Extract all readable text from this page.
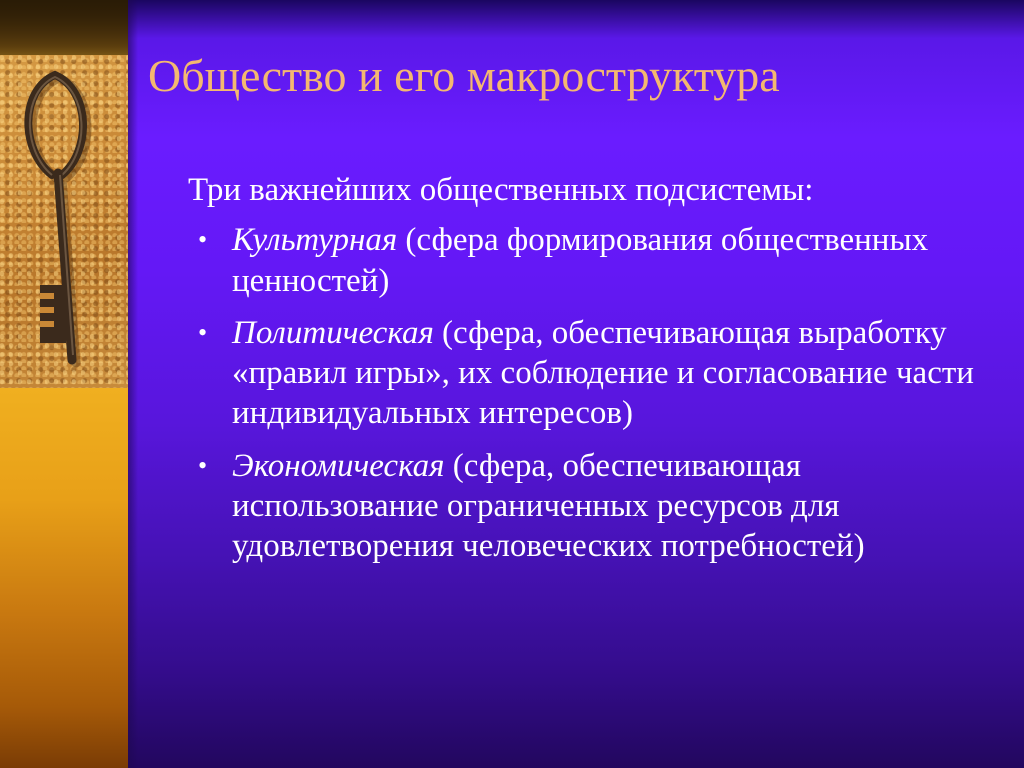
Общество и его макроструктура

Три важнейших общественных подсистемы:

• Культурная (сфера формирования общественных ценностей)
• Политическая (сфера, обеспечивающая выработку «правил игры», их соблюдение и согласование части индивидуальных интересов)
• Экономическая (сфера, обеспечивающая использование ограниченных ресурсов для удовлетворения человеческих потребностей)
